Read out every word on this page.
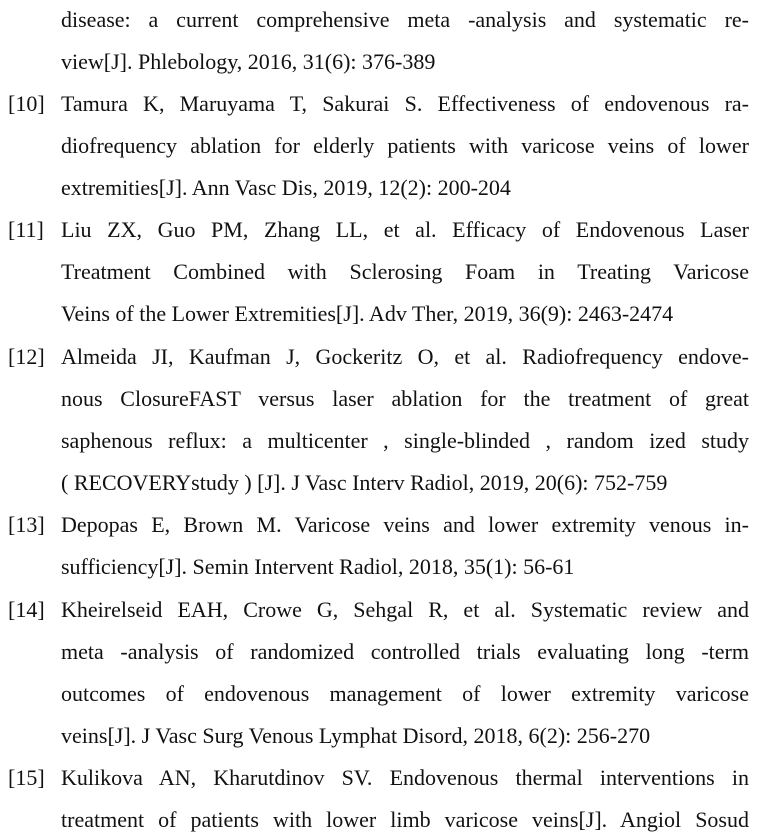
disease: a current comprehensive meta -analysis and systematic re-
view[J]. Phlebology, 2016, 31(6): 376-389
[10] Tamura K, Maruyama T, Sakurai S. Effectiveness of endovenous ra-
diofrequency ablation for elderly patients with varicose veins of lower
extremities[J]. Ann Vasc Dis, 2019, 12(2): 200-204
[11] Liu ZX, Guo PM, Zhang LL, et al. Efficacy of Endovenous Laser
Treatment Combined with Sclerosing Foam in Treating Varicose
Veins of the Lower Extremities[J]. Adv Ther, 2019, 36(9): 2463-2474
[12] Almeida JI, Kaufman J, Gockeritz O, et al. Radiofrequency endove-
nous ClosureFAST versus laser ablation for the treatment of great
saphenous reflux: a multicenter , single-blinded , random ized study
( RECOVERYstudy ) [J]. J Vasc Interv Radiol, 2019, 20(6): 752-759
[13] Depopas E, Brown M. Varicose veins and lower extremity venous in-
sufficiency[J]. Semin Intervent Radiol, 2018, 35(1): 56-61
[14] Kheirelseid EAH, Crowe G, Sehgal R, et al. Systematic review and
meta -analysis of randomized controlled trials evaluating long -term
outcomes of endovenous management of lower extremity varicose
veins[J]. J Vasc Surg Venous Lymphat Disord, 2018, 6(2): 256-270
[15] Kulikova AN, Kharutdinov SV. Endovenous thermal interventions in
treatment of patients with lower limb varicose veins[J]. Angiol Sosud
